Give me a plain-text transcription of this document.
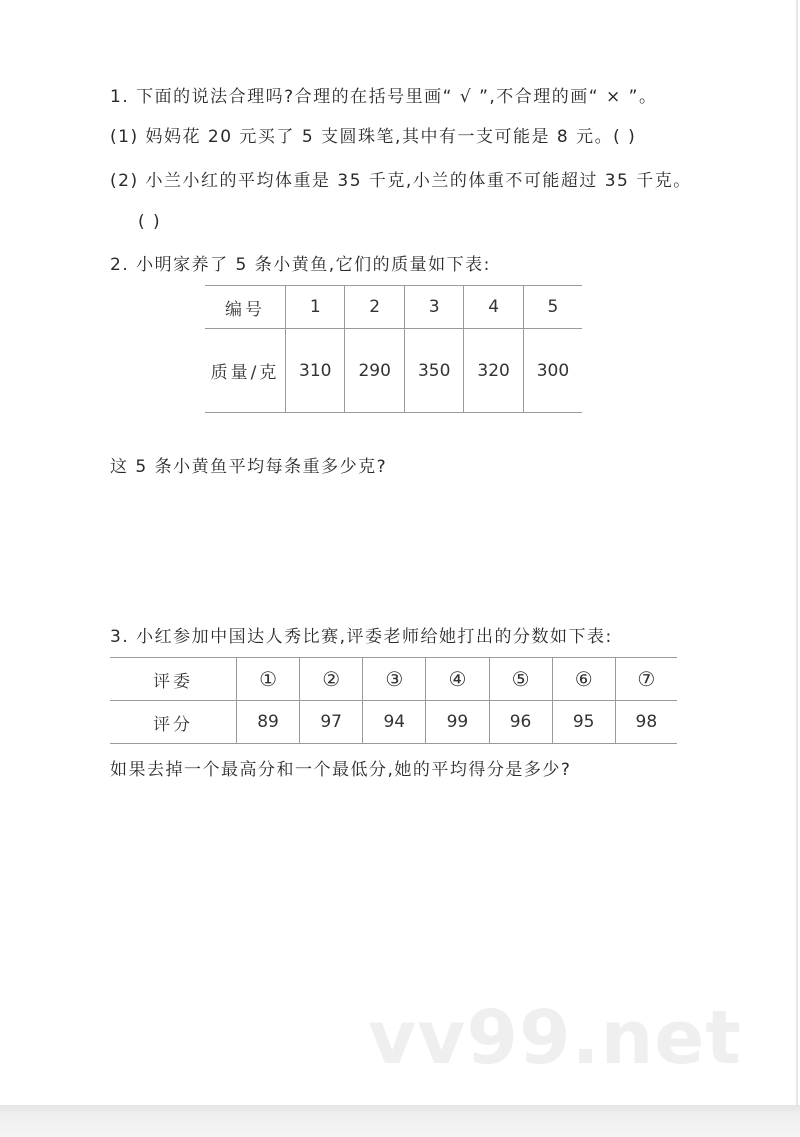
1. 下面的说法合理吗?合理的在括号里画“ √ ”,不合理的画“ × ”。
(1) 妈妈花 20 元买了 5 支圆珠笔,其中有一支可能是 8 元。( )
(2) 小兰小红的平均体重是 35 千克,小兰的体重不可能超过 35 千克。
( )
2. 小明家养了 5 条小黄鱼,它们的质量如下表:
编号	1	2	3	4	5
质量/克	310	290	350	320	300
这 5 条小黄鱼平均每条重多少克?
3. 小红参加中国达人秀比赛,评委老师给她打出的分数如下表:
评委	①	②	③	④	⑤	⑥	⑦
评分	89	97	94	99	96	95	98
如果去掉一个最高分和一个最低分,她的平均得分是多少?
vv99.net
